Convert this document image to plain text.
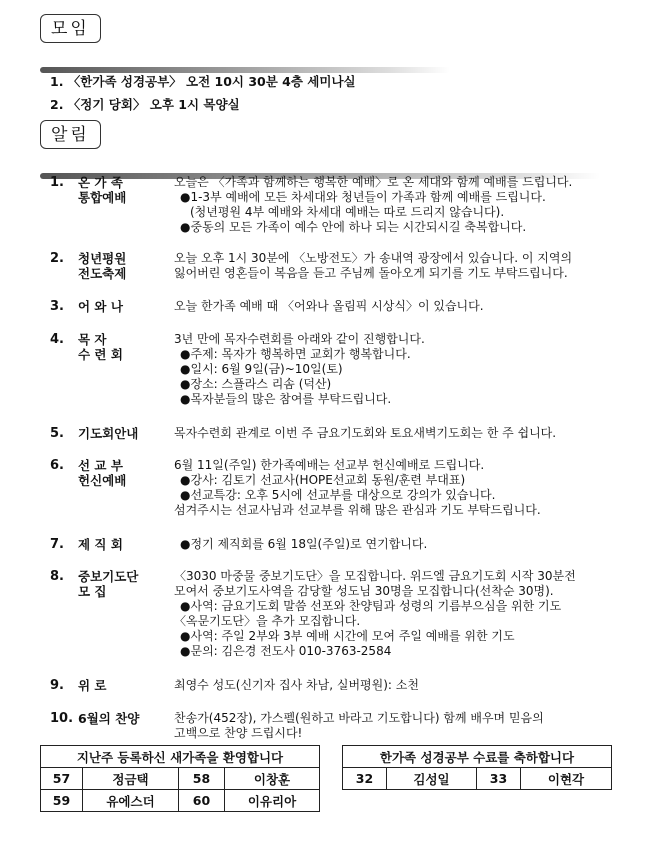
모임
1. 〈한가족 성경공부〉 오전 10시 30분 4층 세미나실
2. 〈정기 당회〉 오후 1시 목양실
알림
1.	온 가 족
통합예배
오늘은 〈가족과 함께하는 행복한 예배〉로 온 세대와 함께 예배를 드립니다.
●1-3부 예배에 모든 차세대와 청년들이 가족과 함께 예배를 드립니다.
(청년평원 4부 예배와 차세대 예배는 따로 드리지 않습니다).
●중동의 모든 가족이 예수 안에 하나 되는 시간되시길 축복합니다.
2.	청년평원
전도축제
오늘 오후 1시 30분에 〈노방전도〉가 송내역 광장에서 있습니다. 이 지역의
잃어버린 영혼들이 복음을 듣고 주님께 돌아오게 되기를 기도 부탁드립니다.
3.	어 와 나	오늘 한가족 예배 때 〈어와나 올림픽 시상식〉이 있습니다.
4.	목 자
수 련 회
3년 만에 목자수련회를 아래와 같이 진행합니다.
●주제: 목자가 행복하면 교회가 행복합니다.
●일시: 6월 9일(금)~10일(토)
●장소: 스플라스 리솜 (덕산)
●목자분들의 많은 참여를 부탁드립니다.
5.	기도회안내	목자수련회 관계로 이번 주 금요기도회와 토요새벽기도회는 한 주 쉽니다.
6.	선 교 부
헌신예배
6월 11일(주일) 한가족예배는 선교부 헌신예배로 드립니다.
●강사: 김토기 선교사(HOPE선교회 동원/훈련 부대표)
●선교특강: 오후 5시에 선교부를 대상으로 강의가 있습니다.
섬겨주시는 선교사님과 선교부를 위해 많은 관심과 기도 부탁드립니다.
7.	제 직 회	●정기 제직회를 6월 18일(주일)로 연기합니다.
8.	중보기도단
모 집
〈3030 마중물 중보기도단〉을 모집합니다. 위드엘 금요기도회 시작 30분전
모여서 중보기도사역을 감당할 성도님 30명을 모집합니다(선착순 30명).
●사역: 금요기도회 말씀 선포와 찬양팀과 성령의 기름부으심을 위한 기도
〈옥문기도단〉을 추가 모집합니다.
●사역: 주일 2부와 3부 예배 시간에 모여 주일 예배를 위한 기도
●문의: 김은경 전도사 010-3763-2584
9.	위 로	최영수 성도(신기자 집사 차남, 실버평원): 소천
10. 6월의 찬양	찬송가(452장), 가스펠(원하고 바라고 기도합니다) 함께 배우며 믿음의
고백으로 찬양 드립시다!
지난주 등록하신 새가족을 환영합니다			
57	정금택	58	이창훈
59	유에스더	60	이유리아
한가족 성경공부 수료를 축하합니다
32	김성일	33	이현각
